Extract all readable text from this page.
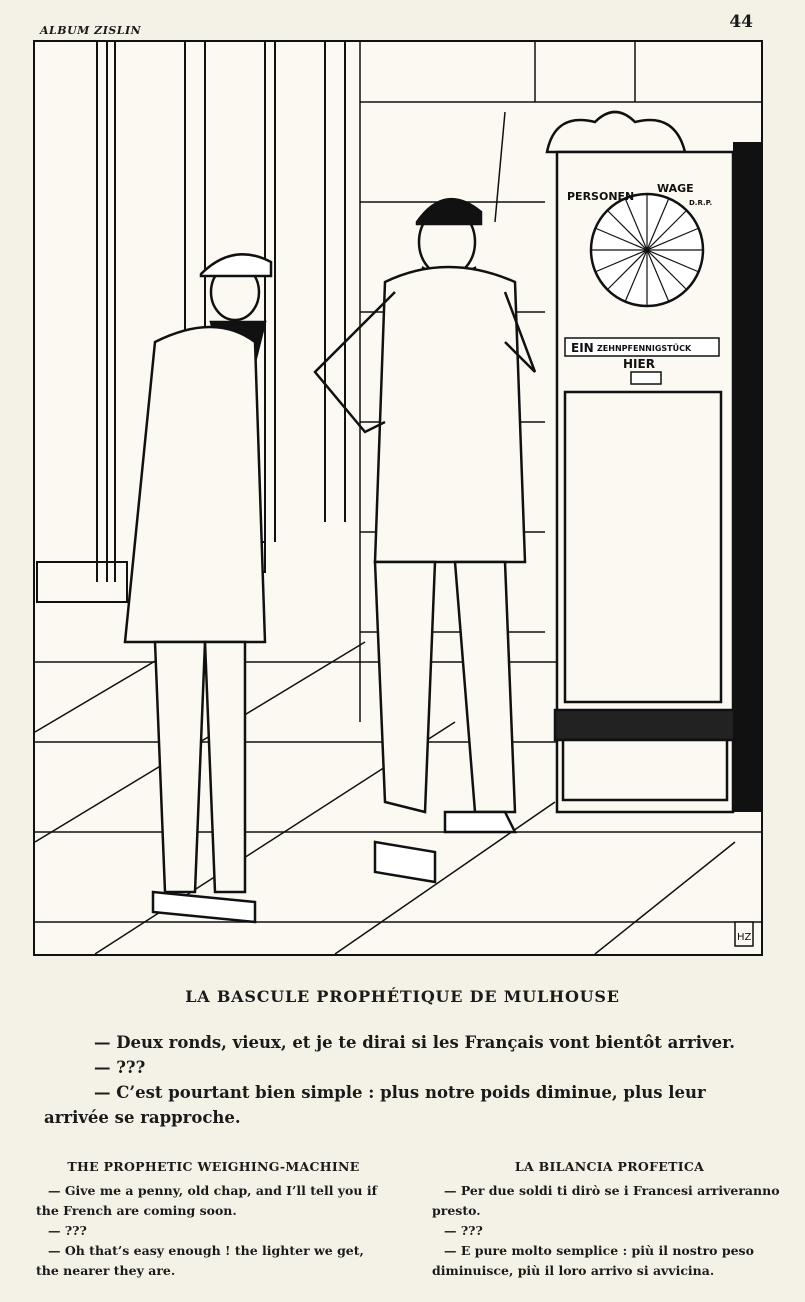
ALBUM ZISLIN	44
PERSONEN
WAGE
D.R.P.
EIN ZEHNPFENNIGSTÜCK
HIER
HZ
LA BASCULE PROPHÉTIQUE DE MULHOUSE
— Deux ronds, vieux, et je te dirai si les Français vont bientôt arriver.
— ???
— C’est pourtant bien simple : plus notre poids diminue, plus leur arrivée se rapproche.
THE PROPHETIC WEIGHING-MACHINE
— Give me a penny, old chap, and I’ll tell you if the French are coming soon.
— ???
— Oh that’s easy enough ! the lighter we get, the nearer they are.
LA BILANCIA PROFETICA
— Per due soldi ti dirò se i Francesi arriveranno presto.
— ???
— E pure molto semplice : più il nostro peso diminuisce, più il loro arrivo si avvicina.
